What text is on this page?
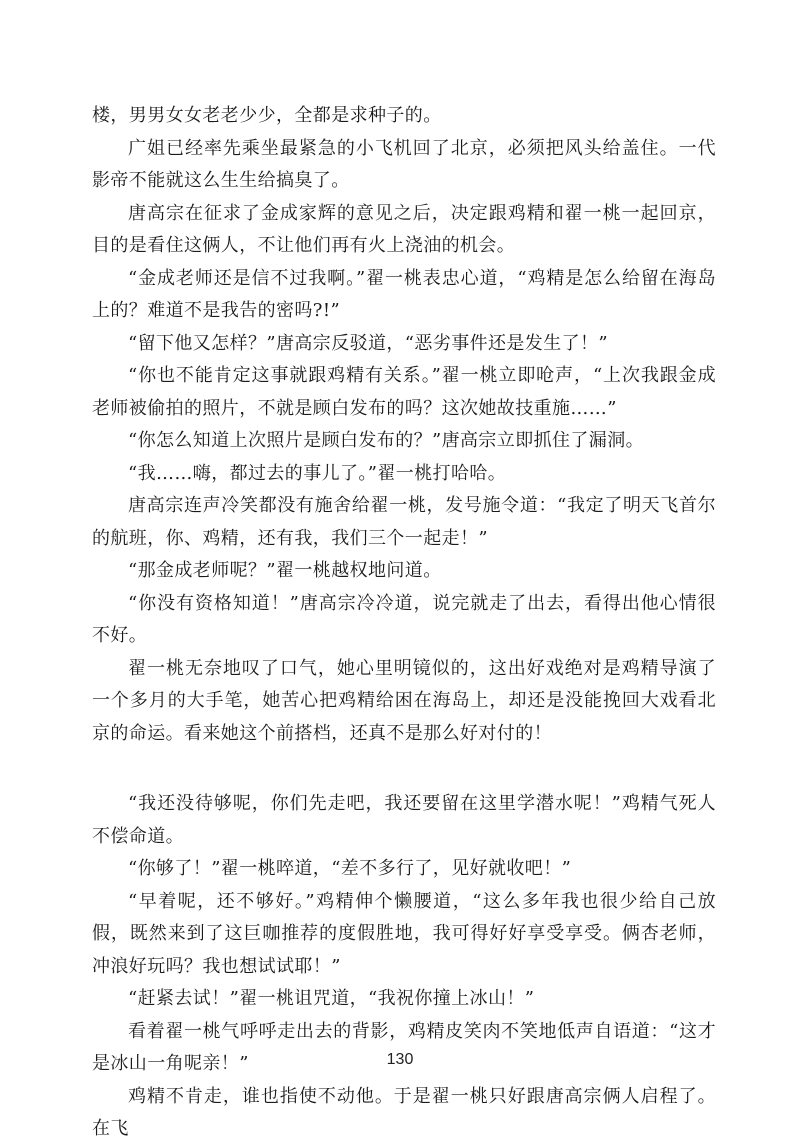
楼，男男女女老老少少，全都是求种子的。

广姐已经率先乘坐最紧急的小飞机回了北京，必须把风头给盖住。一代影帝不能就这么生生给搞臭了。

唐高宗在征求了金成家辉的意见之后，决定跟鸡精和翟一桃一起回京，目的是看住这俩人，不让他们再有火上浇油的机会。

“金成老师还是信不过我啊。”翟一桃表忠心道，“鸡精是怎么给留在海岛上的？难道不是我告的密吗?!”

“留下他又怎样？”唐高宗反驳道，“恶劣事件还是发生了！”

“你也不能肯定这事就跟鸡精有关系。”翟一桃立即呛声，“上次我跟金成老师被偷拍的照片，不就是顾白发布的吗？这次她故技重施……”

“你怎么知道上次照片是顾白发布的？”唐高宗立即抓住了漏洞。

“我……嗨，都过去的事儿了。”翟一桃打哈哈。

唐高宗连声冷笑都没有施舍给翟一桃，发号施令道：“我定了明天飞首尔的航班，你、鸡精，还有我，我们三个一起走！”

“那金成老师呢？”翟一桃越权地问道。

“你没有资格知道！”唐高宗冷冷道，说完就走了出去，看得出他心情很不好。

翟一桃无奈地叹了口气，她心里明镜似的，这出好戏绝对是鸡精导演了一个多月的大手笔，她苦心把鸡精给困在海岛上，却还是没能挽回大戏看北京的命运。看来她这个前搭档，还真不是那么好对付的！

“我还没待够呢，你们先走吧，我还要留在这里学潜水呢！”鸡精气死人不偿命道。

“你够了！”翟一桃啐道，“差不多行了，见好就收吧！”

“早着呢，还不够好。”鸡精伸个懒腰道，“这么多年我也很少给自己放假，既然来到了这巨咖推荐的度假胜地，我可得好好享受享受。俩杏老师，冲浪好玩吗？我也想试试耶！”

“赶紧去试！”翟一桃诅咒道，“我祝你撞上冰山！”

看着翟一桃气呼呼走出去的背影，鸡精皮笑肉不笑地低声自语道：“这才是冰山一角呢亲！”

鸡精不肯走，谁也指使不动他。于是翟一桃只好跟唐高宗俩人启程了。在飞

130
